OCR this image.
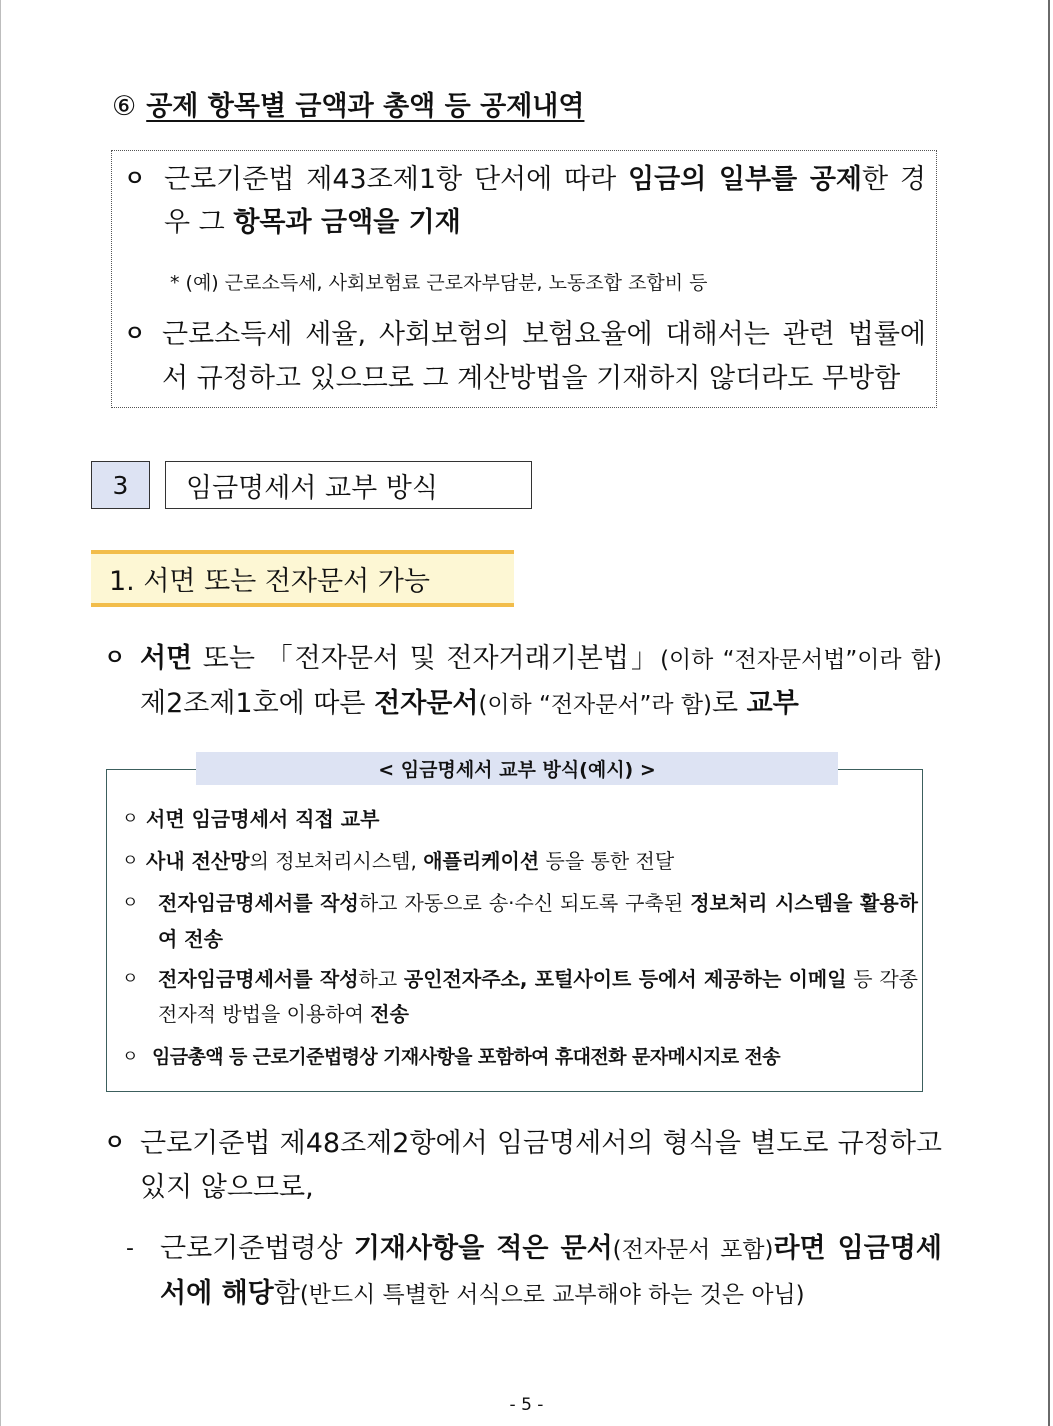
⑥ 공제 항목별 금액과 총액 등 공제내역
ㅇ 근로기준법 제43조제1항 단서에 따라 임금의 일부를 공제한 경우 그 항목과 금액을 기재
* (예) 근로소득세, 사회보험료 근로자부담분, 노동조합 조합비 등
ㅇ 근로소득세 세율, 사회보험의 보험요율에 대해서는 관련 법률에서 규정하고 있으므로 그 계산방법을 기재하지 않더라도 무방함
3	임금명세서 교부 방식
1. 서면 또는 전자문서 가능
ㅇ 서면 또는 「전자문서 및 전자거래기본법」(이하 “전자문서법”이라 함) 제2조제1호에 따른 전자문서(이하 “전자문서”라 함)로 교부
< 임금명세서 교부 방식(예시) >
ㅇ 서면 임금명세서 직접 교부
ㅇ 사내 전산망의 정보처리시스템, 애플리케이션 등을 통한 전달
ㅇ 전자임금명세서를 작성하고 자동으로 송·수신 되도록 구축된 정보처리 시스템을 활용하여 전송
ㅇ 전자임금명세서를 작성하고 공인전자주소, 포털사이트 등에서 제공하는 이메일 등 각종 전자적 방법을 이용하여 전송
ㅇ 임금총액 등 근로기준법령상 기재사항을 포함하여 휴대전화 문자메시지로 전송
ㅇ 근로기준법 제48조제2항에서 임금명세서의 형식을 별도로 규정하고 있지 않으므로,
- 근로기준법령상 기재사항을 적은 문서(전자문서 포함)라면 임금명세서에 해당함(반드시 특별한 서식으로 교부해야 하는 것은 아님)
- 5 -
